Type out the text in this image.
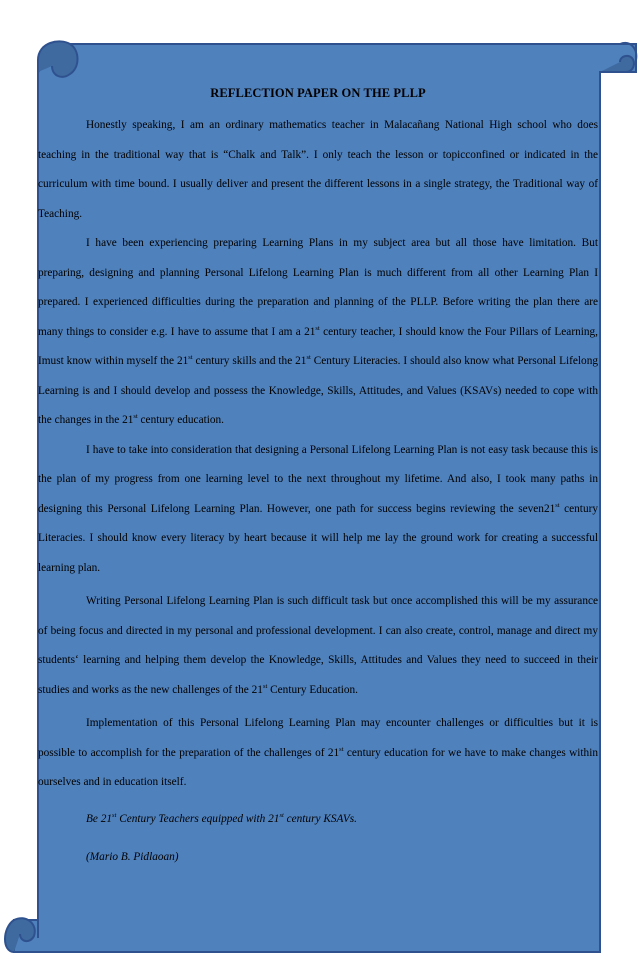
REFLECTION PAPER ON THE PLLP

Honestly speaking, I am an ordinary mathematics teacher in Malacañang National High school who does teaching in the traditional way that is “Chalk and Talk”. I only teach the lesson or topicconfined or indicated in the curriculum with time bound. I usually deliver and present the different lessons in a single strategy, the Traditional way of Teaching.

I have been experiencing preparing Learning Plans in my subject area but all those have limitation. But preparing, designing and planning Personal Lifelong Learning Plan is much different from all other Learning Plan I prepared. I experienced difficulties during the preparation and planning of the PLLP. Before writing the plan there are many things to consider e.g. I have to assume that I am a 21st century teacher, I should know the Four Pillars of Learning, Imust know within myself the 21st century skills and the 21st Century Literacies. I should also know what Personal Lifelong Learning is and I should develop and possess the Knowledge, Skills, Attitudes, and Values (KSAVs) needed to cope with the changes in the 21st century education.

I have to take into consideration that designing a Personal Lifelong Learning Plan is not easy task because this is the plan of my progress from one learning level to the next throughout my lifetime. And also, I took many paths in designing this Personal Lifelong Learning Plan. However, one path for success begins reviewing the seven21st century Literacies. I should know every literacy by heart because it will help me lay the ground work for creating a successful learning plan.

Writing Personal Lifelong Learning Plan is such difficult task but once accomplished this will be my assurance of being focus and directed in my personal and professional development. I can also create, control, manage and direct my students‘ learning and helping them develop the Knowledge, Skills, Attitudes and Values they need to succeed in their studies and works as the new challenges of the 21st Century Education.

Implementation of this Personal Lifelong Learning Plan may encounter challenges or difficulties but it is possible to accomplish for the preparation of the challenges of 21st century education for we have to make changes within ourselves and in education itself.

Be 21st Century Teachers equipped with 21st century KSAVs.

(Mario B. Pidlaoan)
